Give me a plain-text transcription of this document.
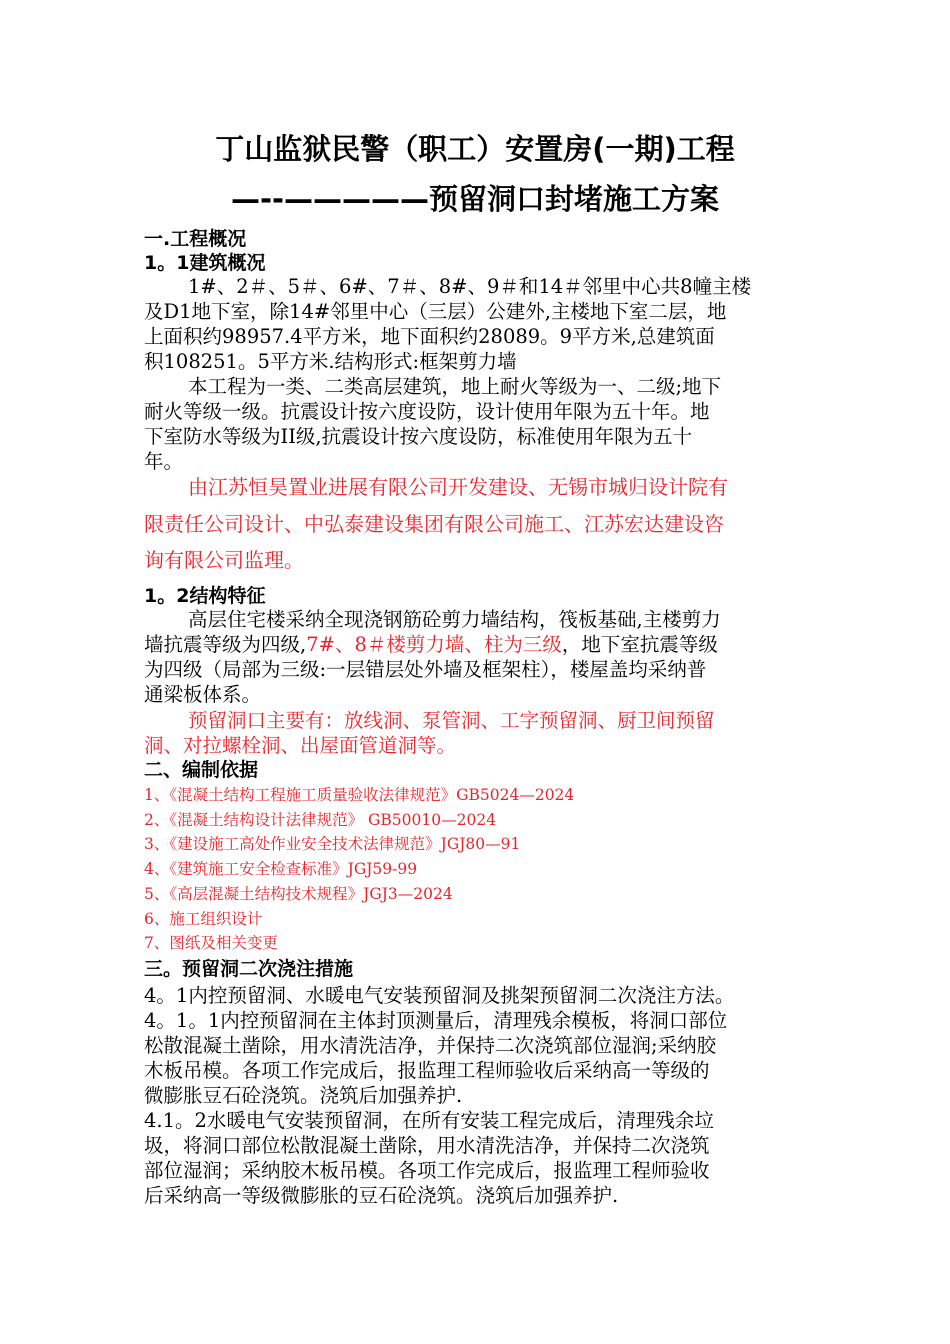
丁山监狱民警（职工）安置房(一期)工程
—--—————预留洞口封堵施工方案
一.工程概况
1。1建筑概况
1#、2＃、5＃、6#、7＃、8#、9＃和14＃邻里中心共8幢主楼
及D1地下室，除14#邻里中心（三层）公建外,主楼地下室二层，地
上面积约98957.4平方米，地下面积约28089。9平方米,总建筑面
积108251。5平方米.结构形式:框架剪力墙
本工程为一类、二类高层建筑，地上耐火等级为一、二级;地下
耐火等级一级。抗震设计按六度设防，设计使用年限为五十年。地
下室防水等级为II级,抗震设计按六度设防，标准使用年限为五十
年。
由江苏恒昊置业进展有限公司开发建设、无锡市城归设计院有
限责任公司设计、中弘泰建设集团有限公司施工、江苏宏达建设咨
询有限公司监理。
1。2结构特征
高层住宅楼采纳全现浇钢筋砼剪力墙结构，筏板基础,主楼剪力
墙抗震等级为四级,7#、8＃楼剪力墙、柱为三级，地下室抗震等级
为四级（局部为三级:一层错层处外墙及框架柱），楼屋盖均采纳普
通梁板体系。
预留洞口主要有：放线洞、泵管洞、工字预留洞、厨卫间预留
洞、对拉螺栓洞、出屋面管道洞等。
二、编制依据
1、《混凝土结构工程施工质量验收法律规范》GB5024—2024
2、《混凝土结构设计法律规范》 GB50010—2024
3、《建设施工高处作业安全技术法律规范》JGJ80—91
4、《建筑施工安全检查标准》JGJ59-99
5、《高层混凝土结构技术规程》JGJ3—2024
6、施工组织设计
7、图纸及相关变更
三。预留洞二次浇注措施
4。1内控预留洞、水暖电气安装预留洞及挑架预留洞二次浇注方法。
4。1。1内控预留洞在主体封顶测量后，清理残余模板，将洞口部位
松散混凝土凿除，用水清洗洁净，并保持二次浇筑部位湿润;采纳胶
木板吊模。各项工作完成后，报监理工程师验收后采纳高一等级的
微膨胀豆石砼浇筑。浇筑后加强养护.
4.1。2水暖电气安装预留洞，在所有安装工程完成后，清理残余垃
圾，将洞口部位松散混凝土凿除，用水清洗洁净，并保持二次浇筑
部位湿润；采纳胶木板吊模。各项工作完成后，报监理工程师验收
后采纳高一等级微膨胀的豆石砼浇筑。浇筑后加强养护.
